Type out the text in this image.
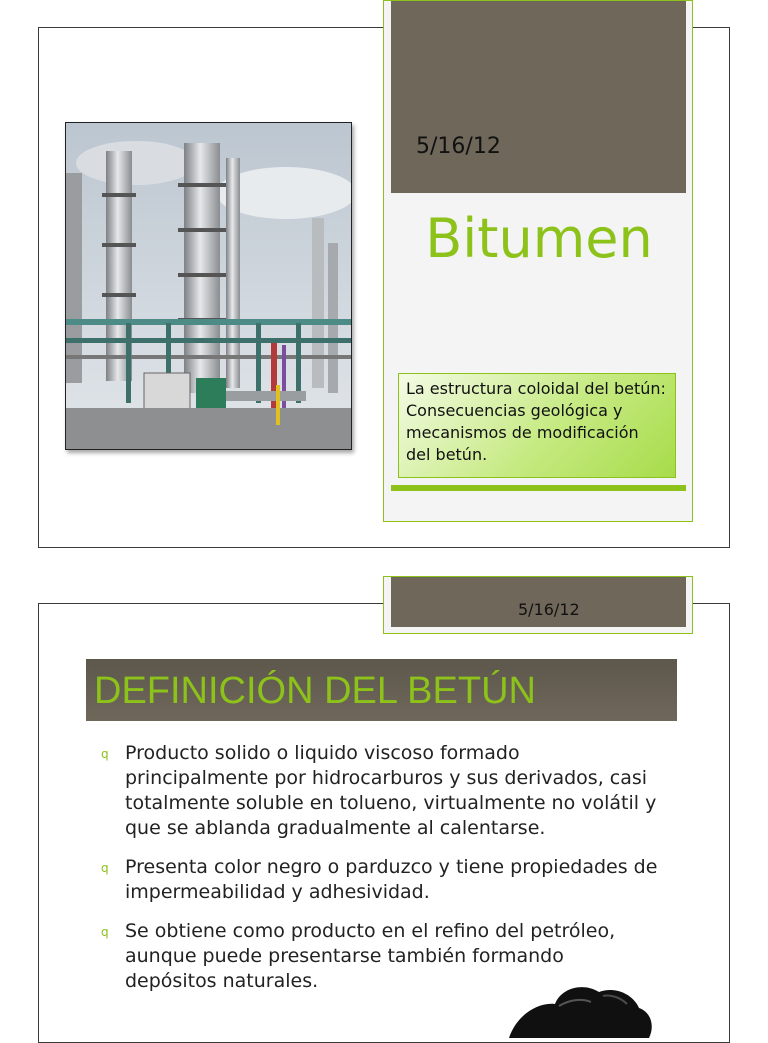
5/16/12
Bitumen
La estructura coloidal del betún: Consecuencias geológica y mecanismos de modificación del betún.
5/16/12
DEFINICIÓN DEL BETÚN
q Producto solido o liquido viscoso formado principalmente por hidrocarburos y sus derivados, casi totalmente soluble en tolueno, virtualmente no volátil y que se ablanda gradualmente al calentarse.
q Presenta color negro o parduzco y tiene propiedades de impermeabilidad y adhesividad.
q Se obtiene como producto en el refino del petróleo, aunque puede presentarse también formando depósitos naturales.
